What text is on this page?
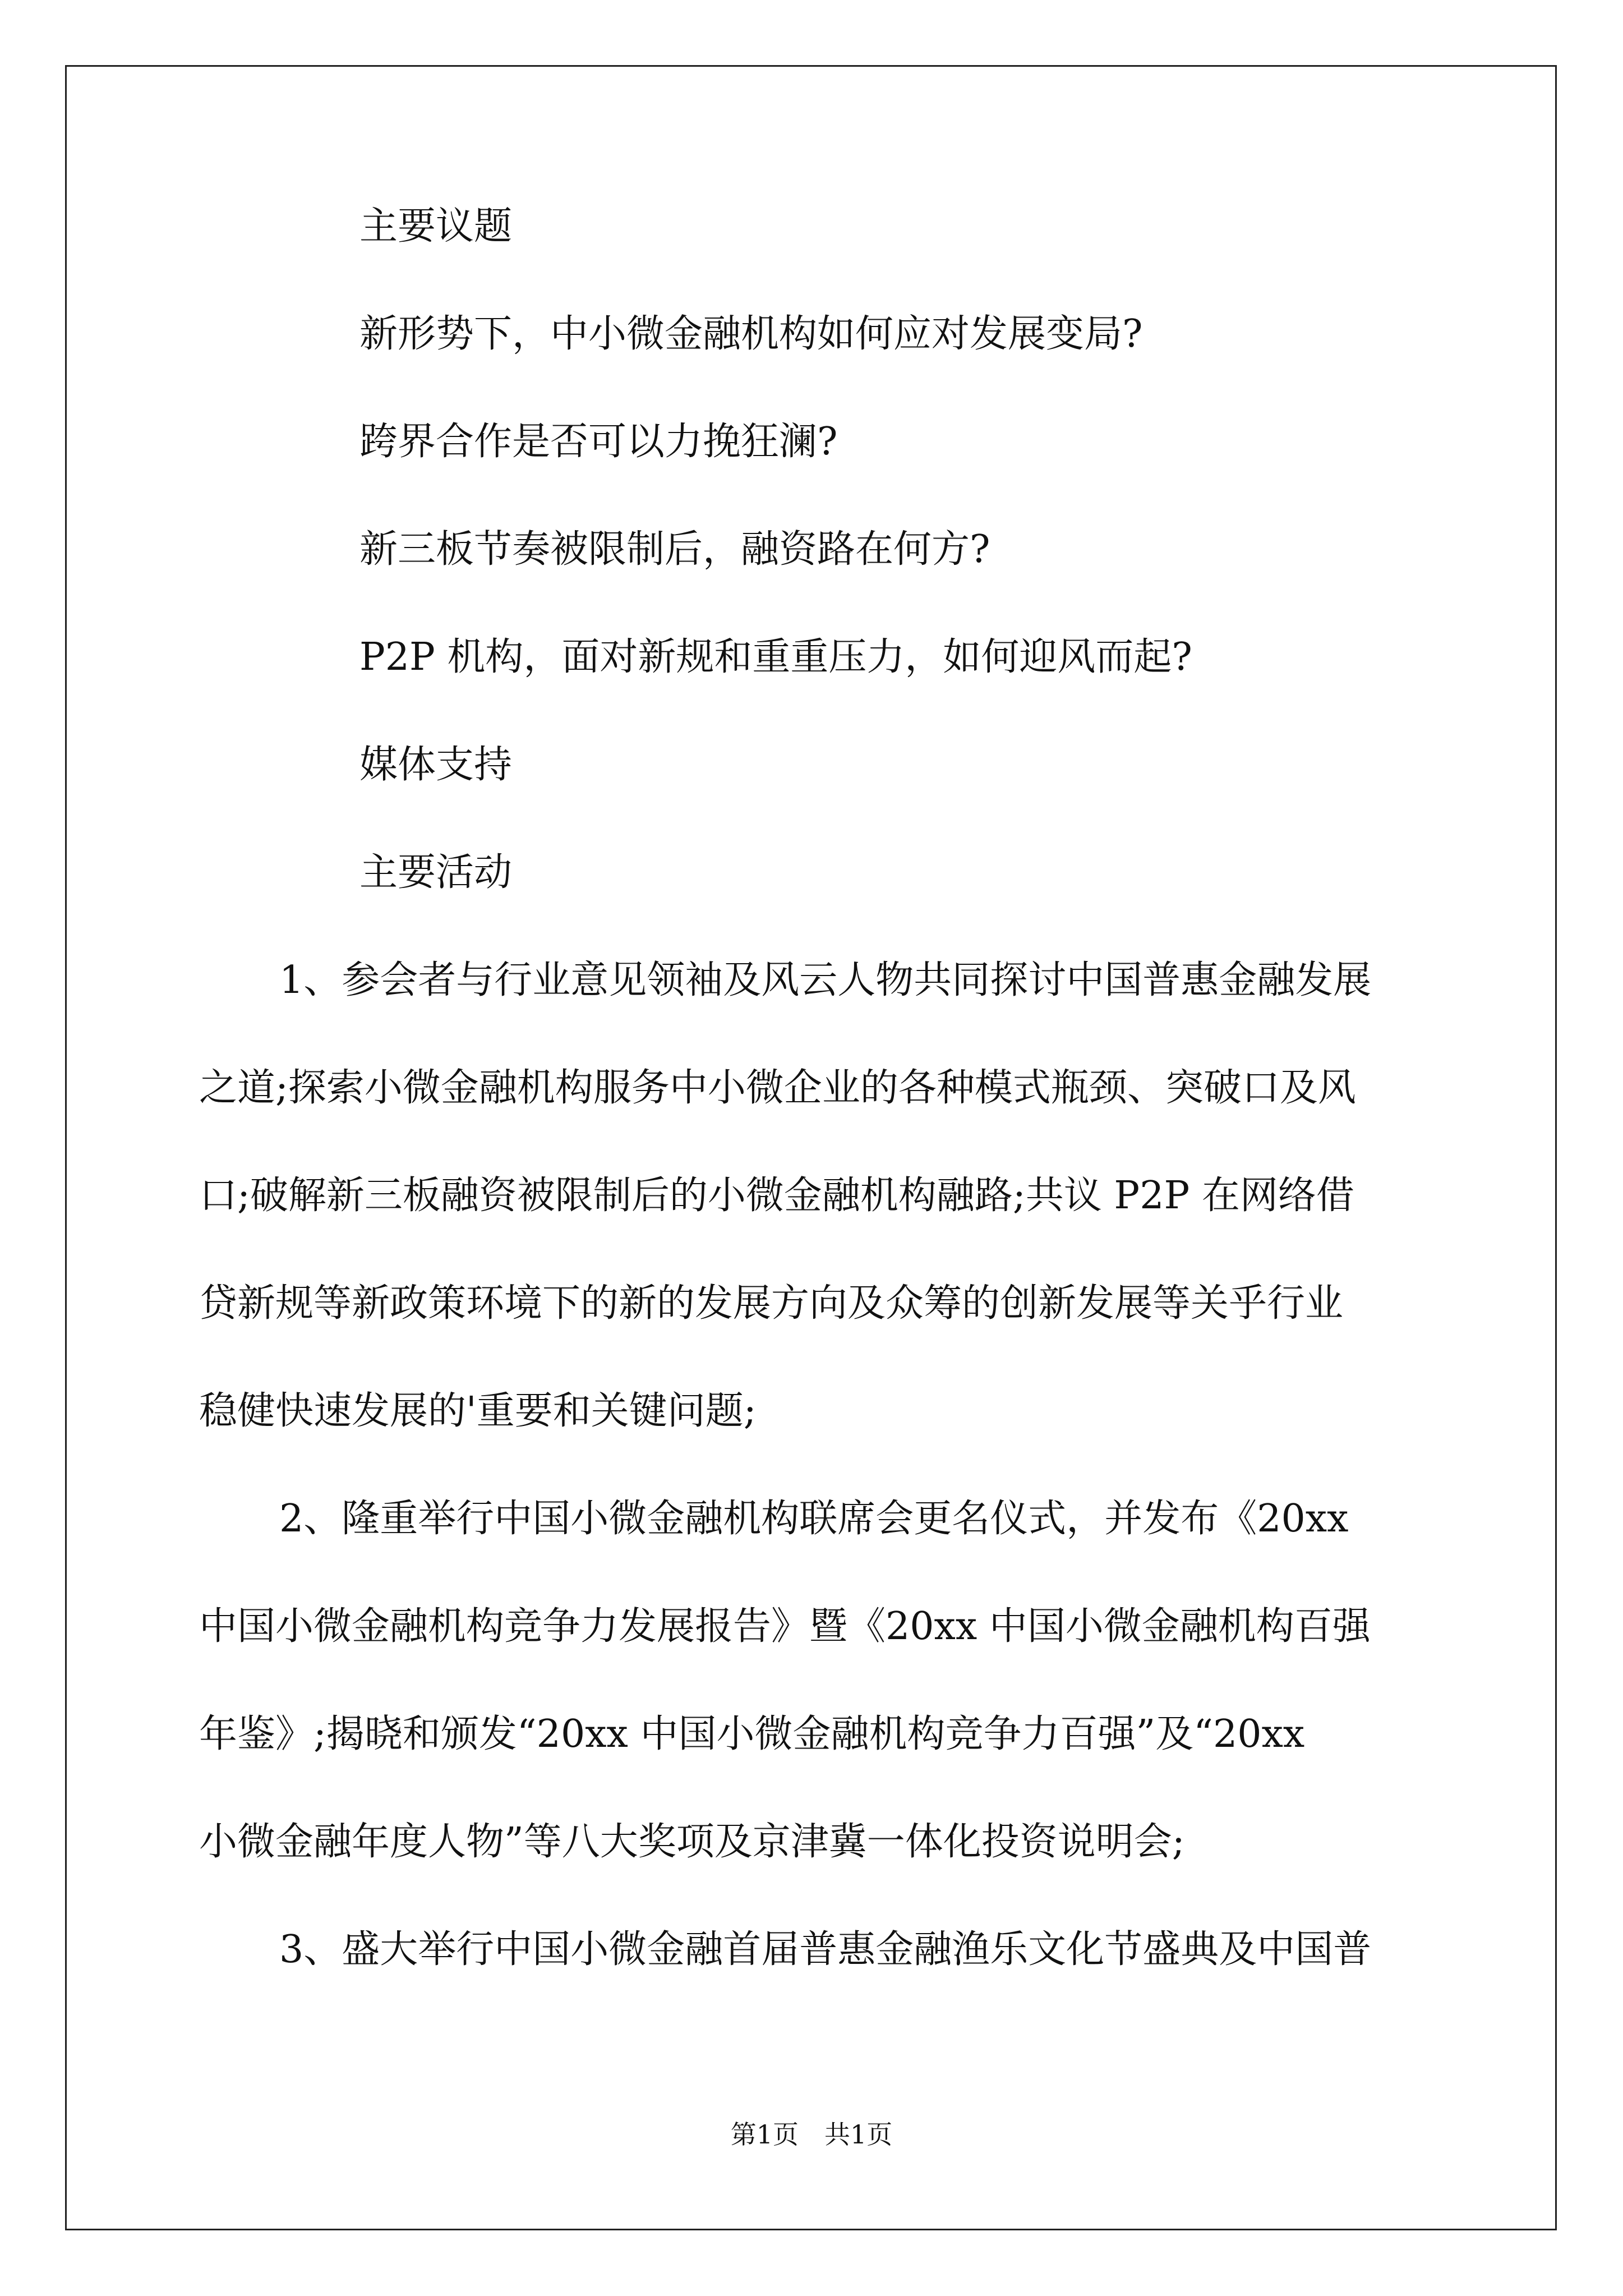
主要议题
新形势下，中小微金融机构如何应对发展变局?
跨界合作是否可以力挽狂澜?
新三板节奏被限制后，融资路在何方?
P2P 机构，面对新规和重重压力，如何迎风而起?
媒体支持
主要活动
1、参会者与行业意见领袖及风云人物共同探讨中国普惠金融发展
之道;探索小微金融机构服务中小微企业的各种模式瓶颈、突破口及风
口;破解新三板融资被限制后的小微金融机构融路;共议 P2P 在网络借
贷新规等新政策环境下的新的发展方向及众筹的创新发展等关乎行业
稳健快速发展的'重要和关键问题;
2、隆重举行中国小微金融机构联席会更名仪式，并发布《20xx
中国小微金融机构竞争力发展报告》暨《20xx 中国小微金融机构百强
年鉴》;揭晓和颁发“20xx 中国小微金融机构竞争力百强”及“20xx
小微金融年度人物”等八大奖项及京津冀一体化投资说明会;
3、盛大举行中国小微金融首届普惠金融渔乐文化节盛典及中国普
第1页 共1页
